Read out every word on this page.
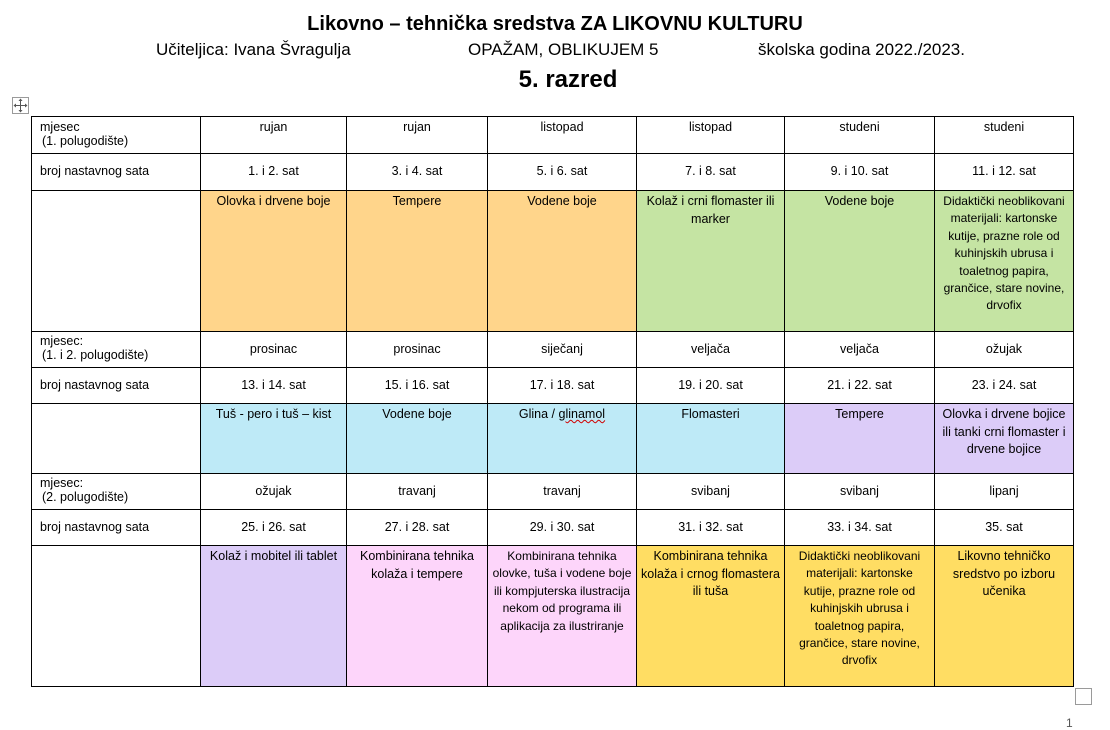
Likovno – tehnička sredstva ZA LIKOVNU KULTURU
Učiteljica: Ivana Švragulja	OPAŽAM, OBLIKUJEM 5	školska godina 2022./2023.
5. razred
mjesec
(1. polugodište)	rujan	rujan	listopad	listopad	studeni	studeni
broj nastavnog sata	1. i 2. sat	3. i 4. sat	5. i 6. sat	7. i 8. sat	9. i 10. sat	11. i 12. sat
	Olovka i drvene boje	Tempere	Vodene boje	Kolaž i crni flomaster ili marker	Vodene boje	Didaktički neoblikovani materijali: kartonske kutije, prazne role od kuhinjskih ubrusa i toaletnog papira, grančice, stare novine, drvofix

mjesec:
(1. i 2. polugodište)	prosinac	prosinac	siječanj	veljača	veljača	ožujak
broj nastavnog sata	13. i 14. sat	15. i 16. sat	17. i 18. sat	19. i 20. sat	21. i 22. sat	23. i 24. sat
	Tuš - pero i tuš – kist	Vodene boje	Glina / glinamol	Flomasteri	Tempere	Olovka i drvene bojice ili tanki crni flomaster i drvene bojice

mjesec:
(2. polugodište)	ožujak	travanj	travanj	svibanj	svibanj	lipanj
broj nastavnog sata	25. i 26. sat	27. i 28. sat	29. i 30. sat	31. i 32. sat	33. i 34. sat	35. sat
	Kolaž i mobitel ili tablet	Kombinirana tehnika kolaža i tempere	Kombinirana tehnika olovke, tuša i vodene boje ili kompjuterska ilustracija nekom od programa ili aplikacija za ilustriranje	Kombinirana tehnika kolaža i crnog flomastera ili tuša	Didaktički neoblikovani materijali: kartonske kutije, prazne role od kuhinjskih ubrusa i toaletnog papira, grančice, stare novine, drvofix	Likovno tehničko sredstvo po izboru učenika
1
